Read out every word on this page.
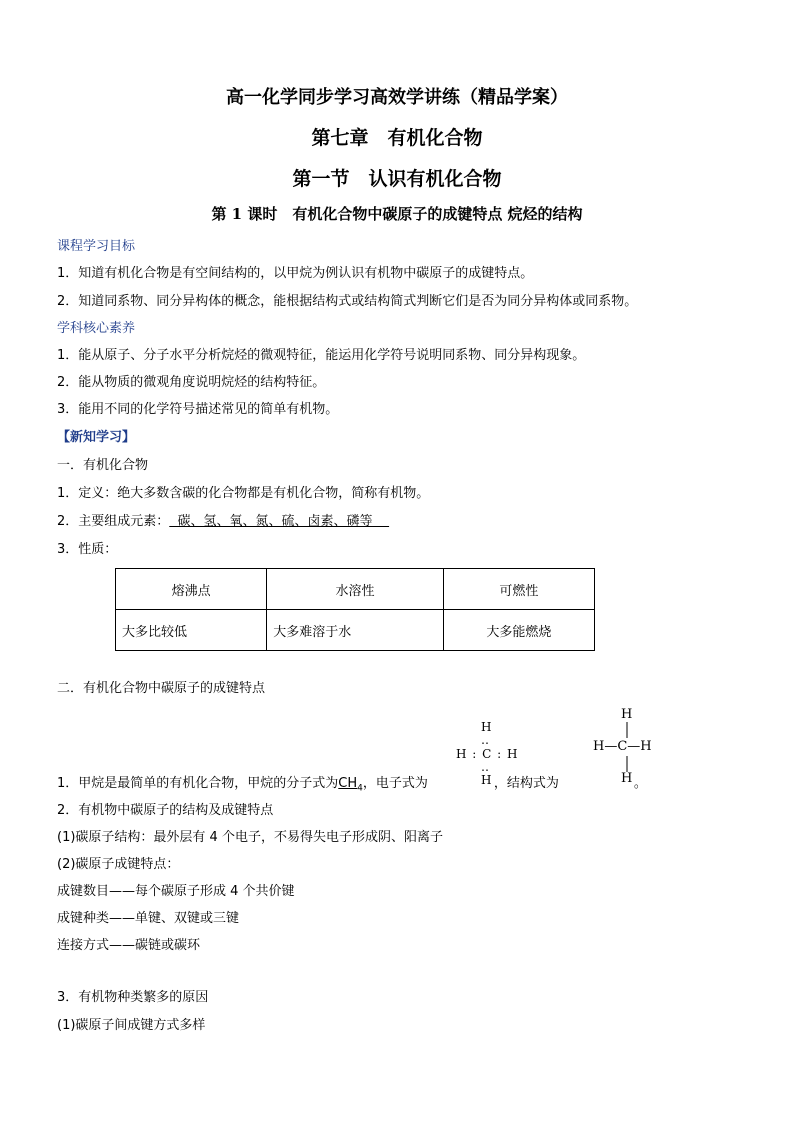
高一化学同步学习高效学讲练（精品学案）
第七章　有机化合物
第一节　认识有机化合物
第 1 课时　有机化合物中碳原子的成键特点 烷烃的结构
课程学习目标
1．知道有机化合物是有空间结构的，以甲烷为例认识有机物中碳原子的成键特点。
2．知道同系物、同分异构体的概念，能根据结构式或结构简式判断它们是否为同分异构体或同系物。
学科核心素养
1．能从原子、分子水平分析烷烃的微观特征，能运用化学符号说明同系物、同分异构现象。
2．能从物质的微观角度说明烷烃的结构特征。
3．能用不同的化学符号描述常见的简单有机物。
【新知学习】
一．有机化合物
1．定义：绝大多数含碳的化合物都是有机化合物，简称有机物。
2．主要组成元素：  碳、氢、氧、氮、硫、卤素、磷等
3．性质：
熔沸点	水溶性	可燃性
大多比较低	大多难溶于水	大多能燃烧
二．有机化合物中碳原子的成键特点
H
‥
H : C : H
‥
H
H
H—C—H
H
1．甲烷是最简单的有机化合物，甲烷的分子式为$CH_4$，电子式为	，结构式为	。
2．有机物中碳原子的结构及成键特点
(1)碳原子结构：最外层有 4 个电子，不易得失电子形成阴、阳离子
(2)碳原子成键特点：
成键数目——每个碳原子形成 4 个共价键
成键种类——单键、双键或三键
连接方式——碳链或碳环
3．有机物种类繁多的原因
(1)碳原子间成键方式多样
